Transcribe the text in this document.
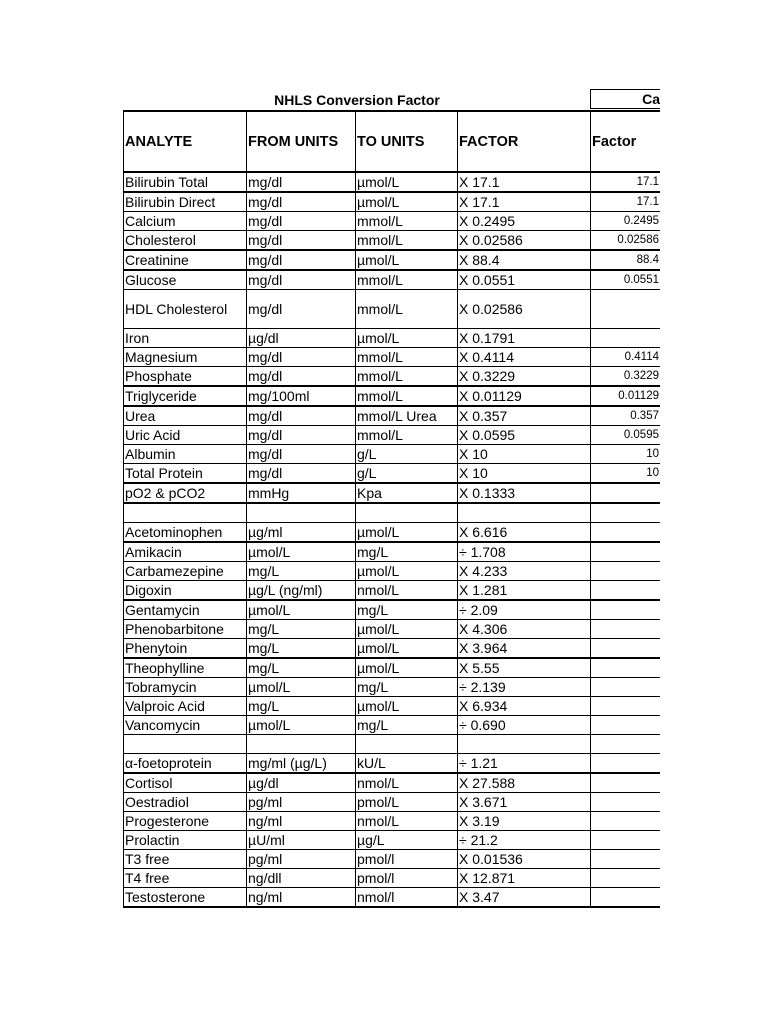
NHLS Conversion Factor	Ca
ANALYTE	FROM UNITS	TO UNITS	FACTOR	Factor
Bilirubin Total	mg/dl	µmol/L	X 17.1	17.1
Bilirubin Direct	mg/dl	µmol/L	X 17.1	17.1
Calcium	mg/dl	mmol/L	X 0.2495	0.2495
Cholesterol	mg/dl	mmol/L	X 0.02586	0.02586
Creatinine	mg/dl	µmol/L	X 88.4	88.4
Glucose	mg/dl	mmol/L	X 0.0551	0.0551
HDL Cholesterol	mg/dl	mmol/L	X 0.02586	
Iron	µg/dl	µmol/L	X 0.1791	
Magnesium	mg/dl	mmol/L	X 0.4114	0.4114
Phosphate	mg/dl	mmol/L	X 0.3229	0.3229
Triglyceride	mg/100ml	mmol/L	X 0.01129	0.01129
Urea	mg/dl	mmol/L Urea	X 0.357	0.357
Uric Acid	mg/dl	mmol/L	X 0.0595	0.0595
Albumin	mg/dl	g/L	X 10	10
Total Protein	mg/dl	g/L	X 10	10
pO2 & pCO2	mmHg	Kpa	X 0.1333	

Acetominophen	µg/ml	µmol/L	X 6.616	
Amikacin	µmol/L	mg/L	÷ 1.708	
Carbamezepine	mg/L	µmol/L	X 4.233	
Digoxin	µg/L (ng/ml)	nmol/L	X 1.281	
Gentamycin	µmol/L	mg/L	÷ 2.09	
Phenobarbitone	mg/L	µmol/L	X 4.306	
Phenytoin	mg/L	µmol/L	X 3.964	
Theophylline	mg/L	µmol/L	X 5.55	
Tobramycin	µmol/L	mg/L	÷ 2.139	
Valproic Acid	mg/L	µmol/L	X 6.934	
Vancomycin	µmol/L	mg/L	÷ 0.690	

α-foetoprotein	mg/ml (µg/L)	kU/L	÷ 1.21	
Cortisol	µg/dl	nmol/L	X 27.588	
Oestradiol	pg/ml	pmol/L	X 3.671	
Progesterone	ng/ml	nmol/L	X 3.19	
Prolactin	µU/ml	µg/L	÷ 21.2	
T3 free	pg/ml	pmol/l	X 0.01536	
T4 free	ng/dll	pmol/l	X 12.871	
Testosterone	ng/ml	nmol/l	X 3.47	
